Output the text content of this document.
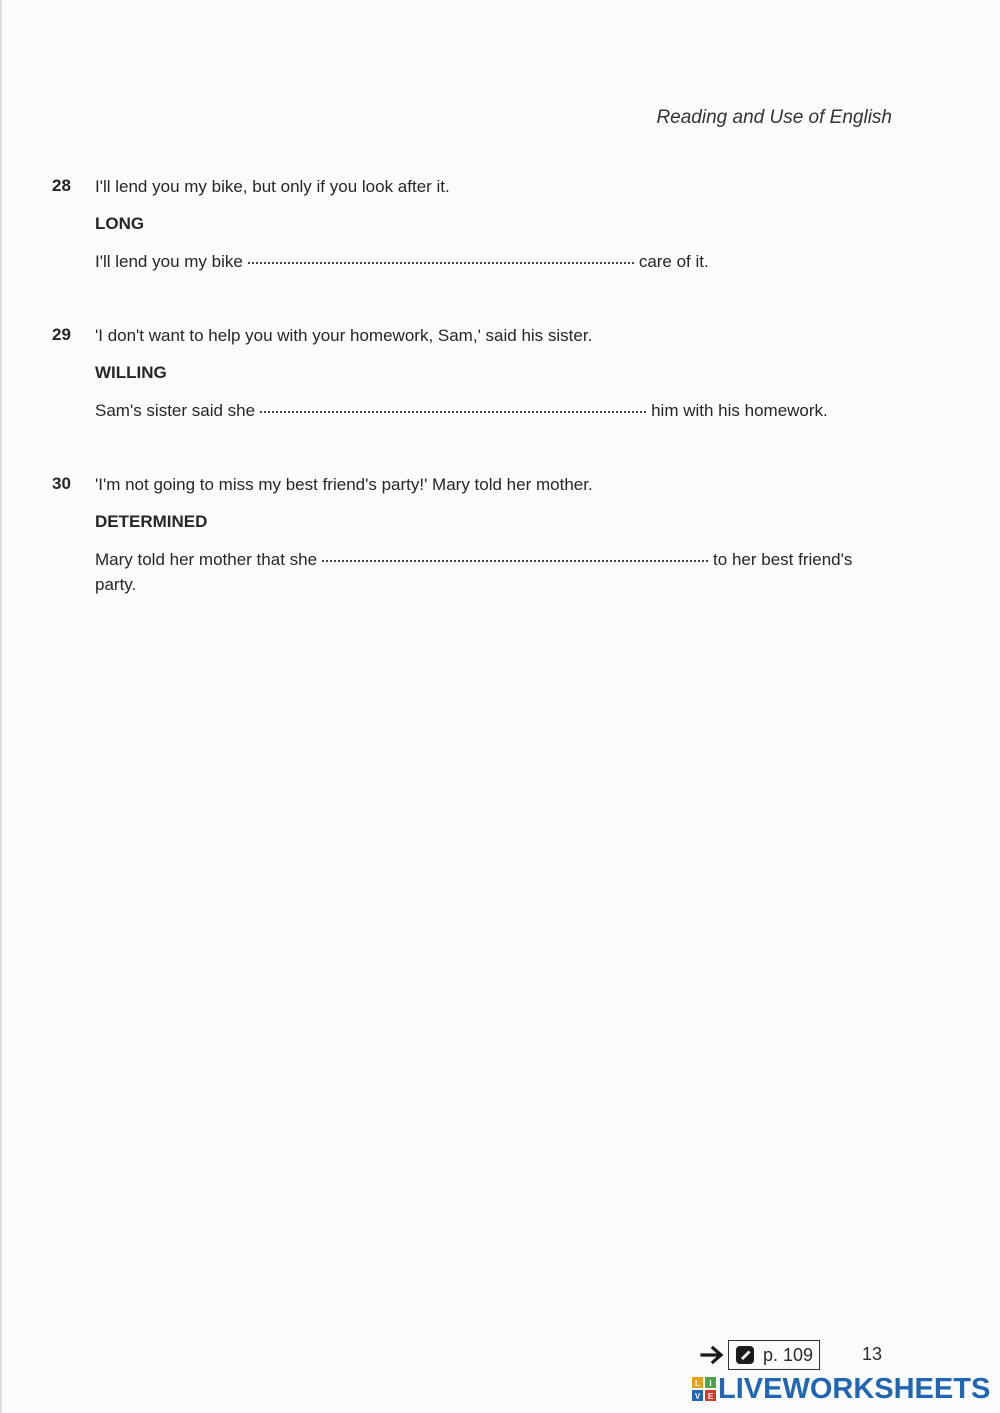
Reading and Use of English
28 I'll lend you my bike, but only if you look after it.

LONG

I'll lend you my bike	care of it.

29 'I don't want to help you with your homework, Sam,' said his sister.

WILLING

Sam's sister said she	him with his homework.

30 'I'm not going to miss my best friend's party!' Mary told her mother.

DETERMINED

Mary told her mother that she	to her best friend's party.

p. 109	13
L I
V E LIVEWORKSHEETS
